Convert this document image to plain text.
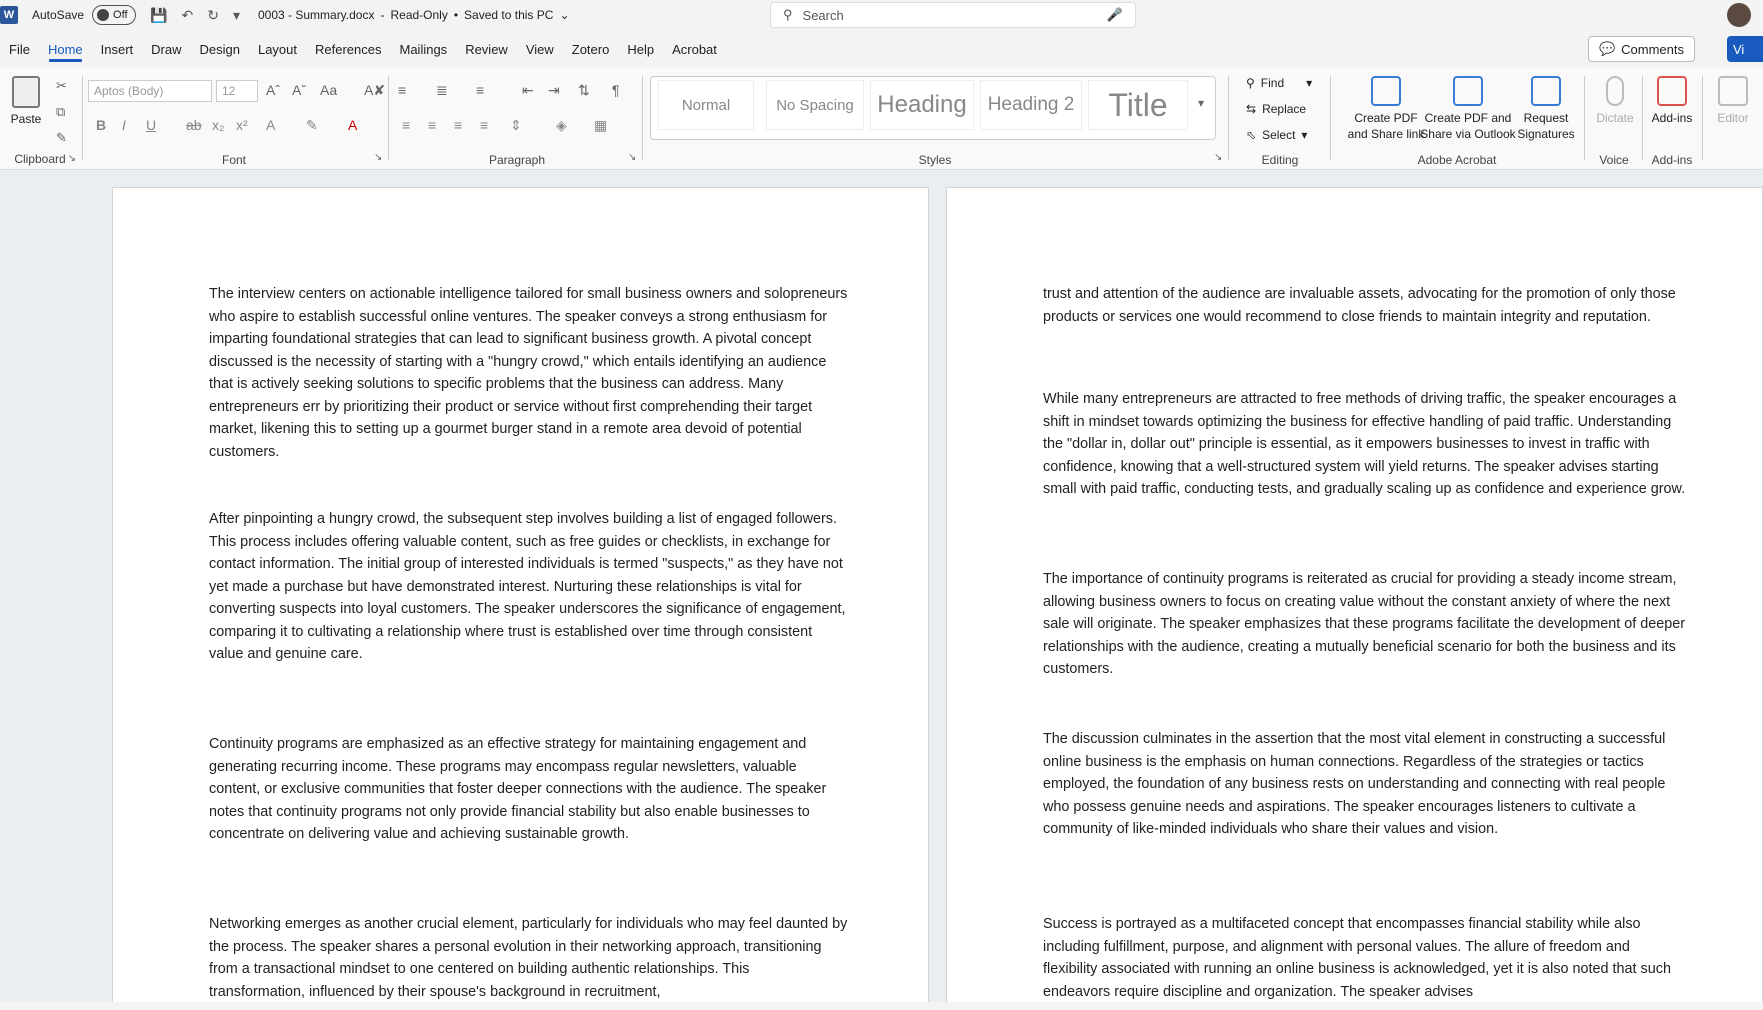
W	AutoSave	Off 💾 ↶ ↻ ▾ 0003 - Summary.docx - Read-Only • Saved to this PC ⌄	⚲ Search	🎤
File	Home	Insert	Draw	Design	Layout	References	Mailings	Review	View	Zotero	Help	Acrobat	💬 Comments	Vi
Paste
✂
⧉
✎
Clipboard ↘
Aptos (Body)	12	Aˆ Aˇ Aa A✘
B I U ab x₂ x² A ✎ A
Font	↘
≡ ≣ ≡	⇤ ⇥ ⇅ ¶
≡ ≡ ≡ ≡ ⇕ ◈ ▦
Paragraph	↘
Normal	No Spacing Heading	Heading 2	Title	▾
Styles	↘
⚲ Find ▾
⇆ Replace
⬁ Select ▾
Editing
Create PDF
and Share link
Create PDF and
Share via Outlook
Request
Signatures
Adobe Acrobat
Dictate
Voice
Add-ins
Add-ins
Editor

The interview centers on actionable intelligence tailored for small business owners and solopreneurs who aspire to establish successful online ventures. The speaker conveys a strong enthusiasm for imparting foundational strategies that can lead to significant business growth. A pivotal concept discussed is the necessity of starting with a "hungry crowd," which entails identifying an audience that is actively seeking solutions to specific problems that the business can address. Many entrepreneurs err by prioritizing their product or service without first comprehending their target market, likening this to setting up a gourmet burger stand in a remote area devoid of potential customers.

After pinpointing a hungry crowd, the subsequent step involves building a list of engaged followers. This process includes offering valuable content, such as free guides or checklists, in exchange for contact information. The initial group of interested individuals is termed "suspects," as they have not yet made a purchase but have demonstrated interest. Nurturing these relationships is vital for converting suspects into loyal customers. The speaker underscores the significance of engagement, comparing it to cultivating a relationship where trust is established over time through consistent value and genuine care.

Continuity programs are emphasized as an effective strategy for maintaining engagement and generating recurring income. These programs may encompass regular newsletters, valuable content, or exclusive communities that foster deeper connections with the audience. The speaker notes that continuity programs not only provide financial stability but also enable businesses to concentrate on delivering value and achieving sustainable growth.

Networking emerges as another crucial element, particularly for individuals who may feel daunted by the process. The speaker shares a personal evolution in their networking approach, transitioning from a transactional mindset to one centered on building authentic relationships. This transformation, influenced by their spouse's background in recruitment,

trust and attention of the audience are invaluable assets, advocating for the promotion of only those products or services one would recommend to close friends to maintain integrity and reputation.

While many entrepreneurs are attracted to free methods of driving traffic, the speaker encourages a shift in mindset towards optimizing the business for effective handling of paid traffic. Understanding the "dollar in, dollar out" principle is essential, as it empowers businesses to invest in traffic with confidence, knowing that a well-structured system will yield returns. The speaker advises starting small with paid traffic, conducting tests, and gradually scaling up as confidence and experience grow.

The importance of continuity programs is reiterated as crucial for providing a steady income stream, allowing business owners to focus on creating value without the constant anxiety of where the next sale will originate. The speaker emphasizes that these programs facilitate the development of deeper relationships with the audience, creating a mutually beneficial scenario for both the business and its customers.

The discussion culminates in the assertion that the most vital element in constructing a successful online business is the emphasis on human connections. Regardless of the strategies or tactics employed, the foundation of any business rests on understanding and connecting with real people who possess genuine needs and aspirations. The speaker encourages listeners to cultivate a community of like-minded individuals who share their values and vision.

Success is portrayed as a multifaceted concept that encompasses financial stability while also including fulfillment, purpose, and alignment with personal values. The allure of freedom and flexibility associated with running an online business is acknowledged, yet it is also noted that such endeavors require discipline and organization. The speaker advises
